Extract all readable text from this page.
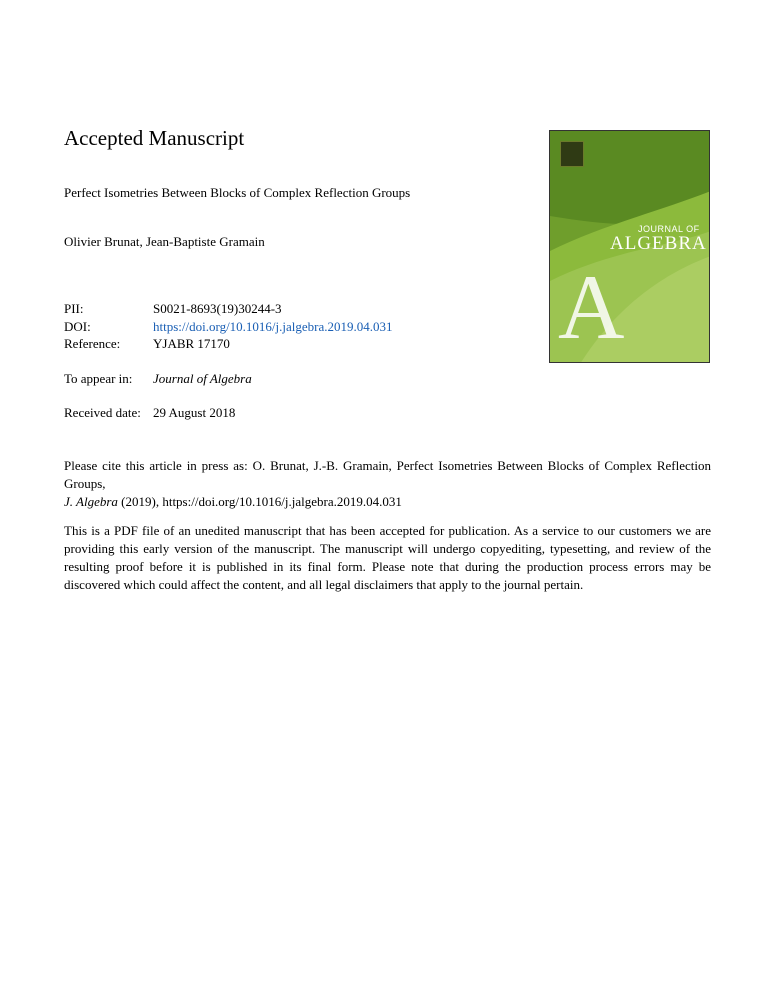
Accepted Manuscript
Perfect Isometries Between Blocks of Complex Reflection Groups
Olivier Brunat, Jean-Baptiste Gramain
PII:	S0021-8693(19)30244-3
DOI:	https://doi.org/10.1016/j.jalgebra.2019.04.031
Reference:	YJABR 17170
To appear in: Journal of Algebra
Received date: 29 August 2018
Please cite this article in press as: O. Brunat, J.-B. Gramain, Perfect Isometries Between Blocks of Complex Reflection Groups,
J. Algebra (2019), https://doi.org/10.1016/j.jalgebra.2019.04.031
This is a PDF file of an unedited manuscript that has been accepted for publication. As a service to our customers we are providing this early version of the manuscript. The manuscript will undergo copyediting, typesetting, and review of the resulting proof before it is published in its final form. Please note that during the production process errors may be discovered which could affect the content, and all legal disclaimers that apply to the journal pertain.
JOURNAL OF
ALGEBRA
A
